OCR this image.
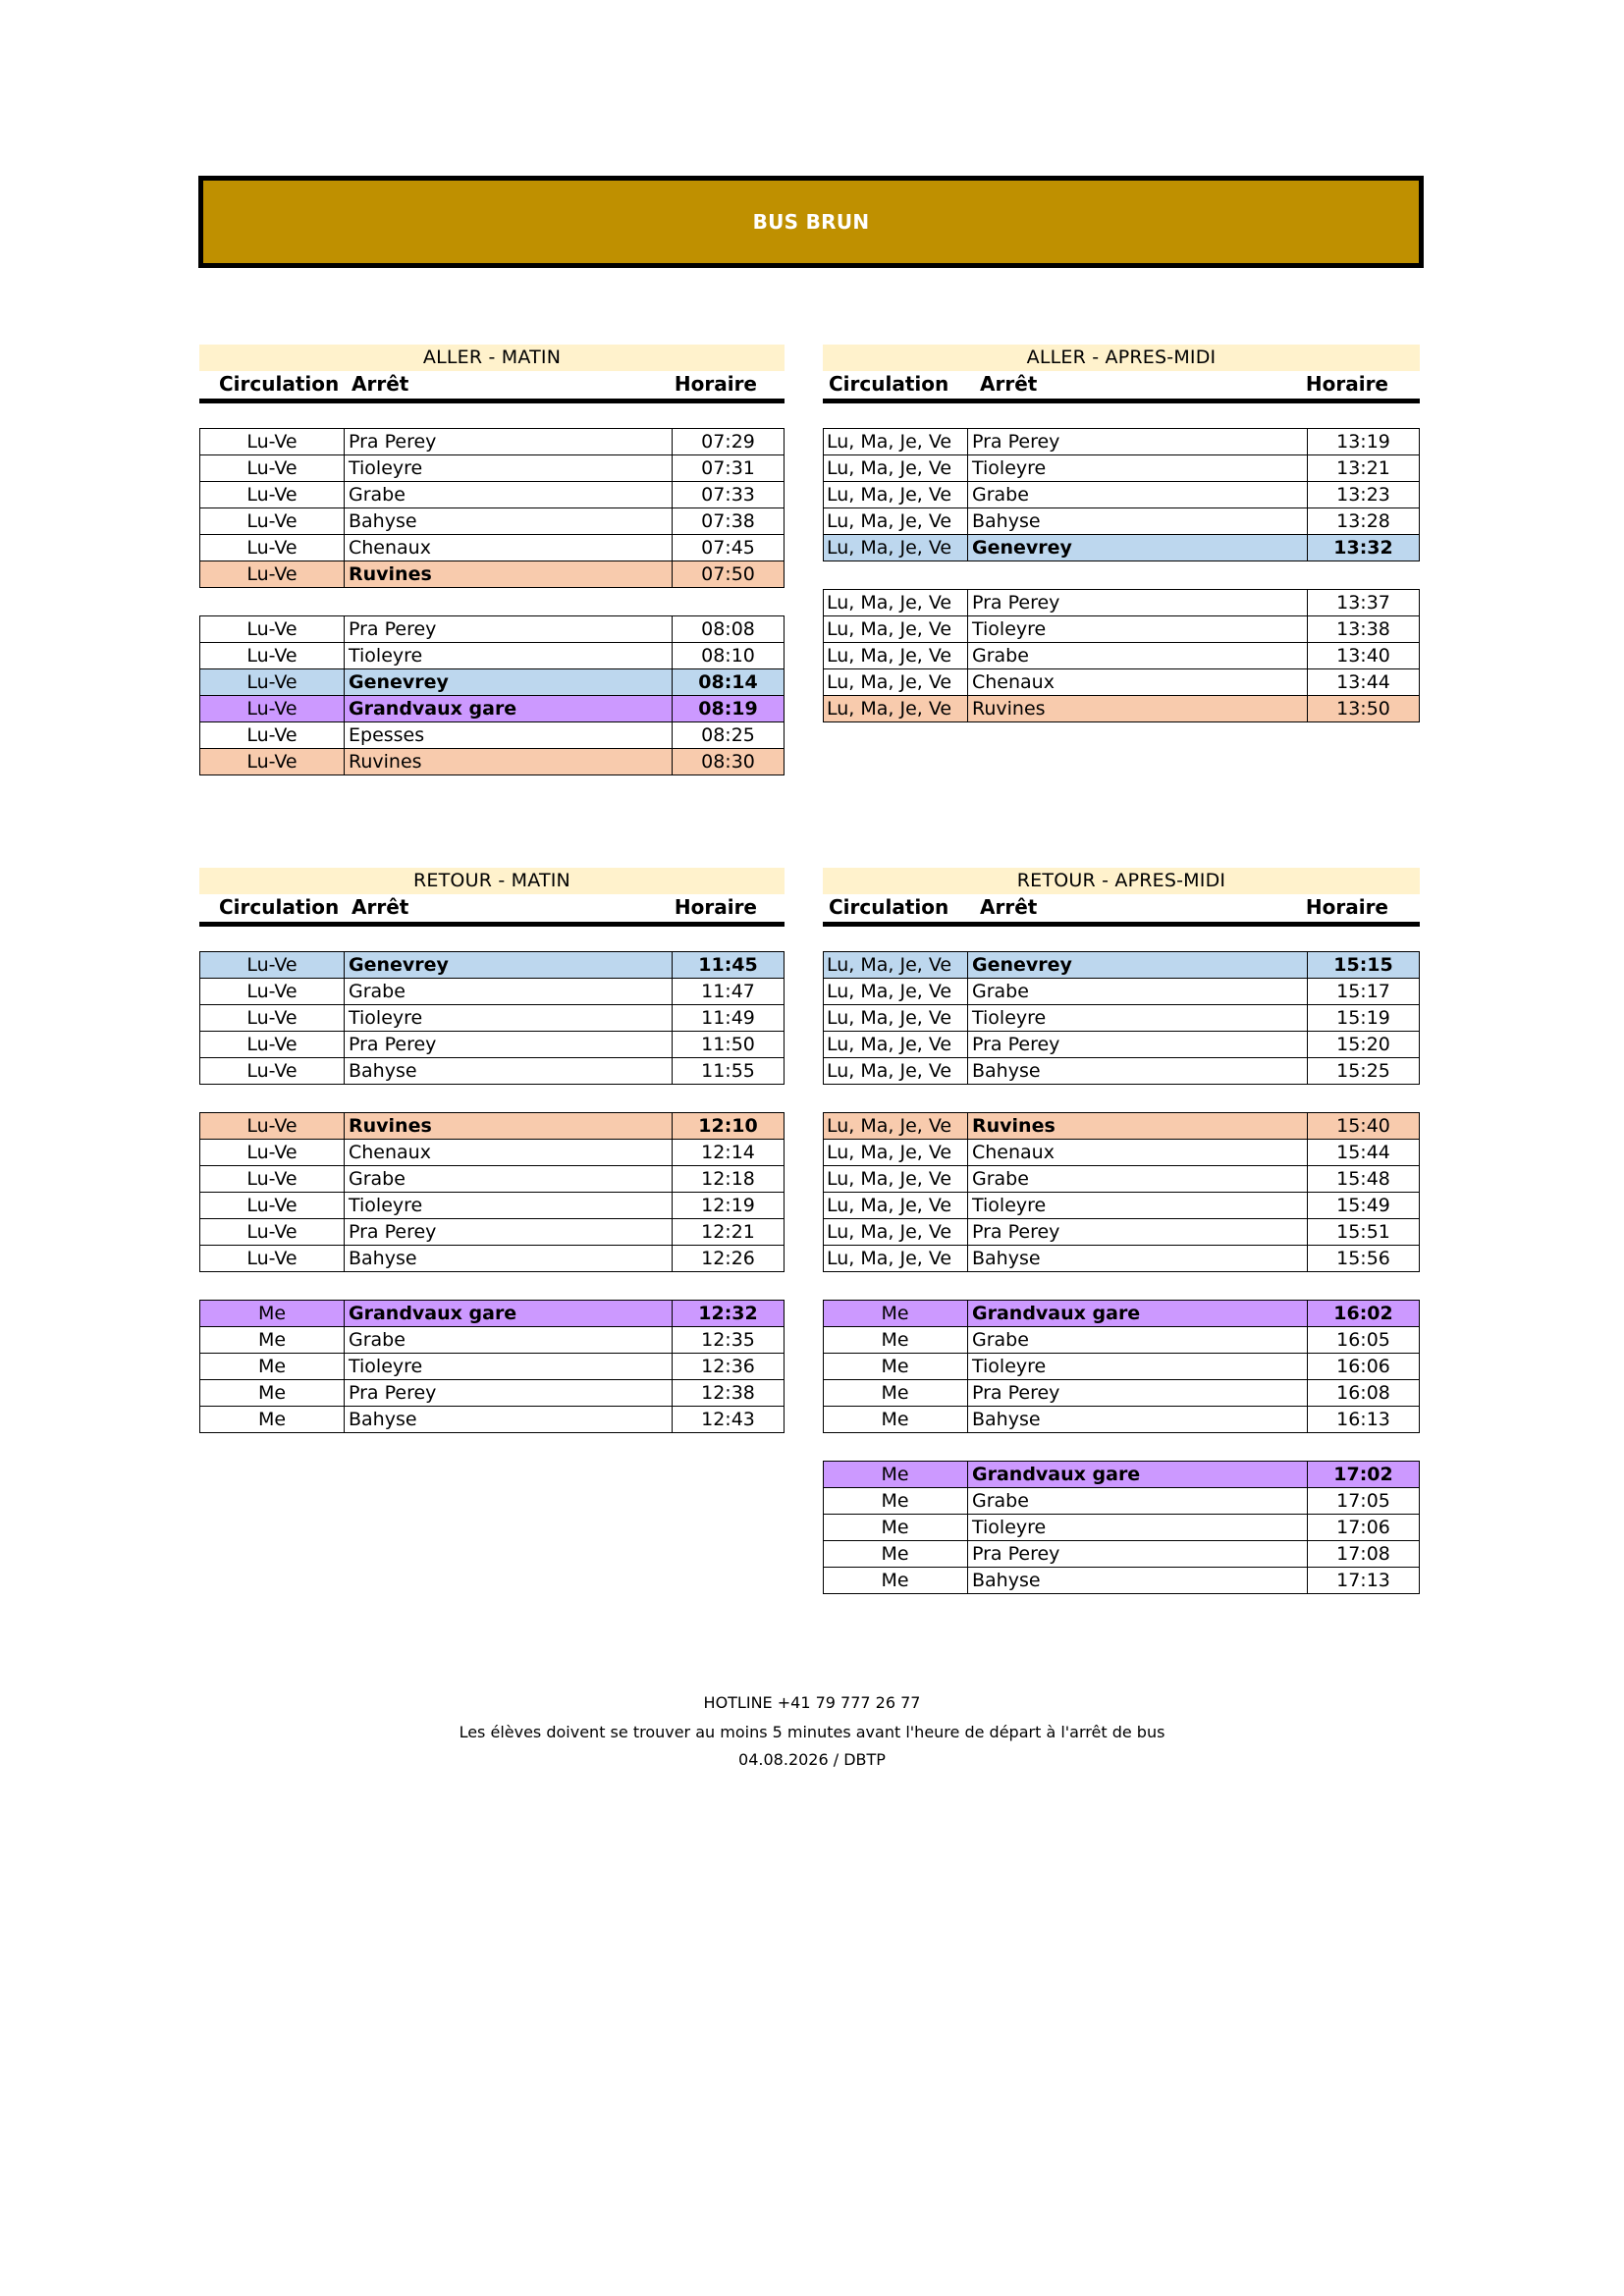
BUS BRUN
ALLER - MATIN
Circulation Arrêt	Horaire
Lu-Ve	Pra Perey	07:29
Lu-Ve	Tioleyre	07:31
Lu-Ve	Grabe	07:33
Lu-Ve	Bahyse	07:38
Lu-Ve	Chenaux	07:45
Lu-Ve	Ruvines	07:50
Lu-Ve	Pra Perey	08:08
Lu-Ve	Tioleyre	08:10
Lu-Ve	Genevrey	08:14
Lu-Ve	Grandvaux gare	08:19
Lu-Ve	Epesses	08:25
Lu-Ve	Ruvines	08:30
ALLER - APRES-MIDI
Circulation Arrêt	Horaire
Lu, Ma, Je, Ve	Pra Perey	13:19
Lu, Ma, Je, Ve	Tioleyre	13:21
Lu, Ma, Je, Ve	Grabe	13:23
Lu, Ma, Je, Ve	Bahyse	13:28
Lu, Ma, Je, Ve	Genevrey	13:32
Lu, Ma, Je, Ve	Pra Perey	13:37
Lu, Ma, Je, Ve	Tioleyre	13:38
Lu, Ma, Je, Ve	Grabe	13:40
Lu, Ma, Je, Ve	Chenaux	13:44
Lu, Ma, Je, Ve	Ruvines	13:50
RETOUR - MATIN
Circulation Arrêt	Horaire
Lu-Ve	Genevrey	11:45
Lu-Ve	Grabe	11:47
Lu-Ve	Tioleyre	11:49
Lu-Ve	Pra Perey	11:50
Lu-Ve	Bahyse	11:55
Lu-Ve	Ruvines	12:10
Lu-Ve	Chenaux	12:14
Lu-Ve	Grabe	12:18
Lu-Ve	Tioleyre	12:19
Lu-Ve	Pra Perey	12:21
Lu-Ve	Bahyse	12:26
Me	Grandvaux gare	12:32
Me	Grabe	12:35
Me	Tioleyre	12:36
Me	Pra Perey	12:38
Me	Bahyse	12:43
RETOUR - APRES-MIDI
Circulation Arrêt	Horaire
Lu, Ma, Je, Ve	Genevrey	15:15
Lu, Ma, Je, Ve	Grabe	15:17
Lu, Ma, Je, Ve	Tioleyre	15:19
Lu, Ma, Je, Ve	Pra Perey	15:20
Lu, Ma, Je, Ve	Bahyse	15:25
Lu, Ma, Je, Ve	Ruvines	15:40
Lu, Ma, Je, Ve	Chenaux	15:44
Lu, Ma, Je, Ve	Grabe	15:48
Lu, Ma, Je, Ve	Tioleyre	15:49
Lu, Ma, Je, Ve	Pra Perey	15:51
Lu, Ma, Je, Ve	Bahyse	15:56
Me	Grandvaux gare	16:02
Me	Grabe	16:05
Me	Tioleyre	16:06
Me	Pra Perey	16:08
Me	Bahyse	16:13
Me	Grandvaux gare	17:02
Me	Grabe	17:05
Me	Tioleyre	17:06
Me	Pra Perey	17:08
Me	Bahyse	17:13
HOTLINE +41 79 777 26 77
Les élèves doivent se trouver au moins 5 minutes avant l'heure de départ à l'arrêt de bus
04.08.2026 / DBTP
